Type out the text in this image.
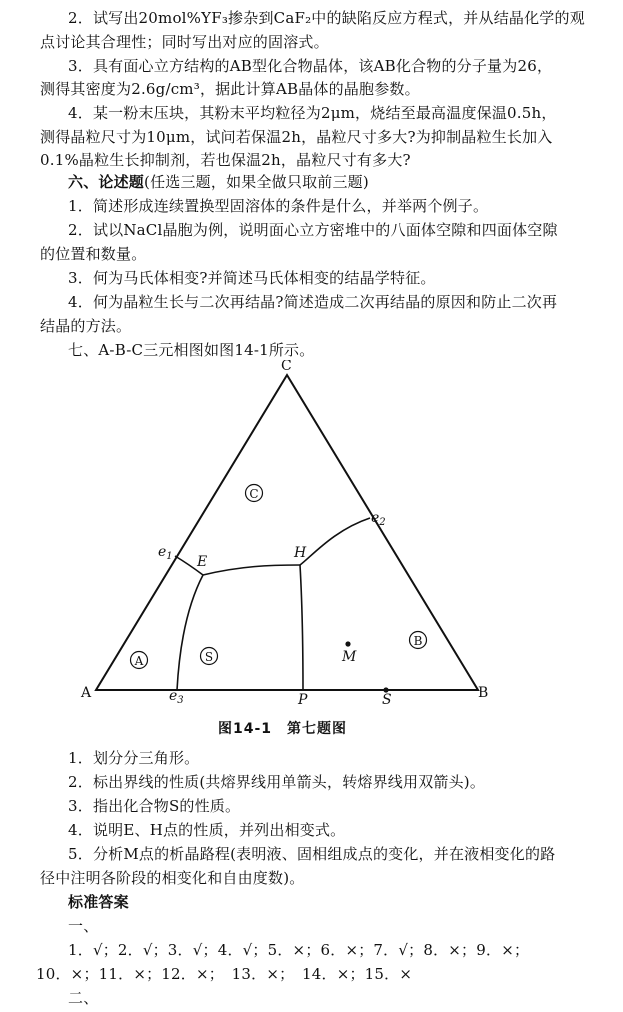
2．试写出20mol%YF₃掺杂到CaF₂中的缺陷反应方程式，并从结晶化学的观
点讨论其合理性；同时写出对应的固溶式。
3．具有面心立方结构的AB型化合物晶体，该AB化合物的分子量为26，
测得其密度为2.6g/cm³，据此计算AB晶体的晶胞参数。
4．某一粉末压块，其粉末平均粒径为2μm，烧结至最高温度保温0.5h，
测得晶粒尺寸为10μm，试问若保温2h，晶粒尺寸多大?为抑制晶粒生长加入
0.1%晶粒生长抑制剂，若也保温2h，晶粒尺寸有多大?
六、论述题(任选三题，如果全做只取前三题)
1．简述形成连续置换型固溶体的条件是什么，并举两个例子。
2．试以NaCl晶胞为例，说明面心立方密堆中的八面体空隙和四面体空隙
的位置和数量。
3．何为马氏体相变?并简述马氏体相变的结晶学特征。
4．何为晶粒生长与二次再结晶?简述造成二次再结晶的原因和防止二次再
结晶的方法。
七、A-B-C三元相图如图14-1所示。
C
A	B
$e_1$
$e_2$
$e_3$
E
H
P	S
M
C
A	S
B
图14-1　第七题图
1．划分分三角形。
2．标出界线的性质(共熔界线用单箭头，转熔界线用双箭头)。
3．指出化合物S的性质。
4．说明E、H点的性质，并列出相变式。
5．分析M点的析晶路程(表明液、固相组成点的变化，并在液相变化的路
径中注明各阶段的相变化和自由度数)。
标准答案
一、
1．√；2．√；3．√；4．√；5．×；6．×；7．√；8．×；9．×；
10．×；11．×；12．×；　13．×；　14．×；15．×
二、
